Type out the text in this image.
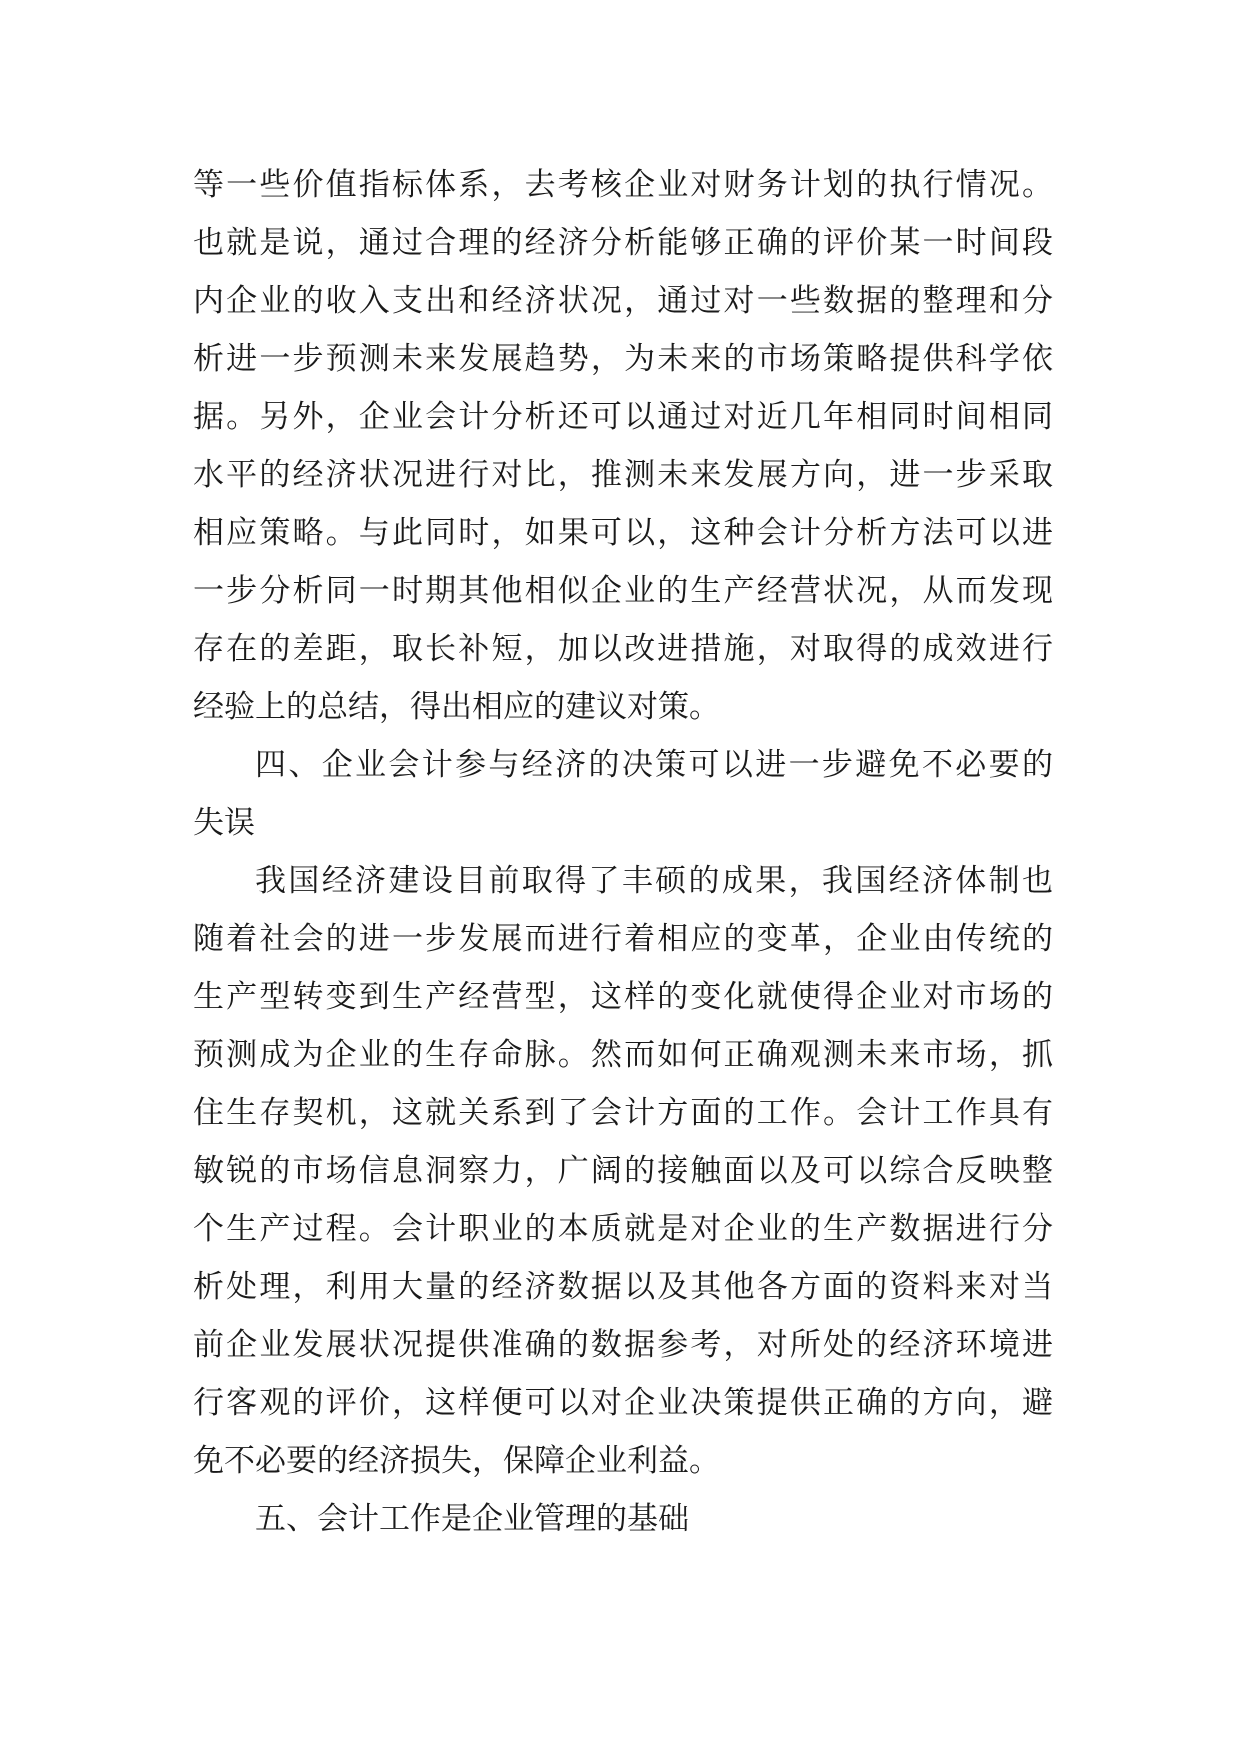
等一些价值指标体系，去考核企业对财务计划的执行情况。
也就是说，通过合理的经济分析能够正确的评价某一时间段
内企业的收入支出和经济状况，通过对一些数据的整理和分
析进一步预测未来发展趋势，为未来的市场策略提供科学依
据。另外，企业会计分析还可以通过对近几年相同时间相同
水平的经济状况进行对比，推测未来发展方向，进一步采取
相应策略。与此同时，如果可以，这种会计分析方法可以进
一步分析同一时期其他相似企业的生产经营状况，从而发现
存在的差距，取长补短，加以改进措施，对取得的成效进行
经验上的总结，得出相应的建议对策。
四、企业会计参与经济的决策可以进一步避免不必要的
失误
我国经济建设目前取得了丰硕的成果，我国经济体制也
随着社会的进一步发展而进行着相应的变革，企业由传统的
生产型转变到生产经营型，这样的变化就使得企业对市场的
预测成为企业的生存命脉。然而如何正确观测未来市场，抓
住生存契机，这就关系到了会计方面的工作。会计工作具有
敏锐的市场信息洞察力，广阔的接触面以及可以综合反映整
个生产过程。会计职业的本质就是对企业的生产数据进行分
析处理，利用大量的经济数据以及其他各方面的资料来对当
前企业发展状况提供准确的数据参考，对所处的经济环境进
行客观的评价，这样便可以对企业决策提供正确的方向，避
免不必要的经济损失，保障企业利益。
五、会计工作是企业管理的基础
